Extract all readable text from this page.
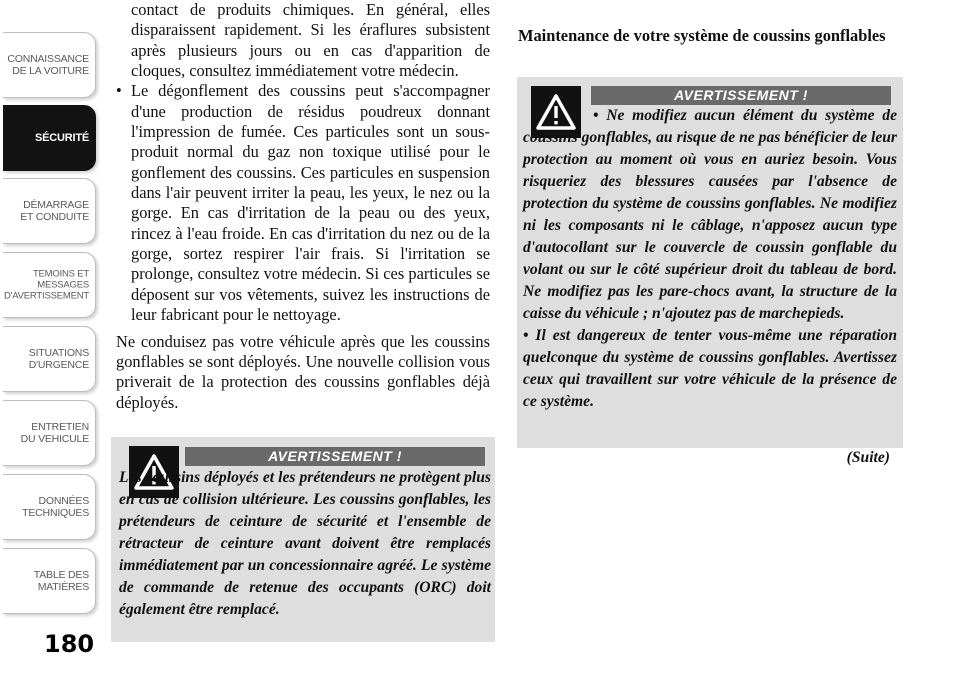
CONNAISSANCE
DE LA VOITURE
SÉCURITÉ
DÉMARRAGE
ET CONDUITE
TEMOINS ET
MESSAGES
D'AVERTISSEMENT
SITUATIONS
D'URGENCE
ENTRETIEN
DU VEHICULE
DONNÉES
TECHNIQUES
TABLE DES
MATIÈRES
180

contact de produits chimiques. En général, elles disparaissent rapidement. Si les éraflures subsistent après plusieurs jours ou en cas d'apparition de cloques, consultez immédiatement votre médecin.

• Le dégonflement des coussins peut s'accompagner d'une production de résidus poudreux donnant l'impression de fumée. Ces particules sont un sous-produit normal du gaz non toxique utilisé pour le gonflement des coussins. Ces particules en suspension dans l'air peuvent irriter la peau, les yeux, le nez ou la gorge. En cas d'irritation de la peau ou des yeux, rincez à l'eau froide. En cas d'irritation du nez ou de la gorge, sortez respirer l'air frais. Si l'irritation se prolonge, consultez votre médecin. Si ces particules se déposent sur vos vêtements, suivez les instructions de leur fabricant pour le nettoyage.

Ne conduisez pas votre véhicule après que les coussins gonflables se sont déployés. Une nouvelle collision vous priverait de la protection des coussins gonflables déjà déployés.

AVERTISSEMENT !

Les coussins déployés et les prétendeurs ne protègent plus en cas de collision ultérieure. Les coussins gonflables, les prétendeurs de ceinture de sécurité et l'ensemble de rétracteur de ceinture avant doivent être remplacés immédiatement par un concessionnaire agréé. Le système de commande de retenue des occupants (ORC) doit également être remplacé.

Maintenance de votre système de coussins gonflables
AVERTISSEMENT !

• Ne modifiez aucun élément du système de coussins gonflables, au risque de ne pas bénéficier de leur protection au moment où vous en auriez besoin. Vous risqueriez des blessures causées par l'absence de protection du système de coussins gonflables. Ne modifiez ni les composants ni le câblage, n'apposez aucun type d'autocollant sur le couvercle de coussin gonflable du volant ou sur le côté supérieur droit du tableau de bord. Ne modifiez pas les pare-chocs avant, la structure de la caisse du véhicule ; n'ajoutez pas de marchepieds.

• Il est dangereux de tenter vous-même une réparation quelconque du système de coussins gonflables. Avertissez ceux qui travaillent sur votre véhicule de la présence de ce système.

(Suite)
